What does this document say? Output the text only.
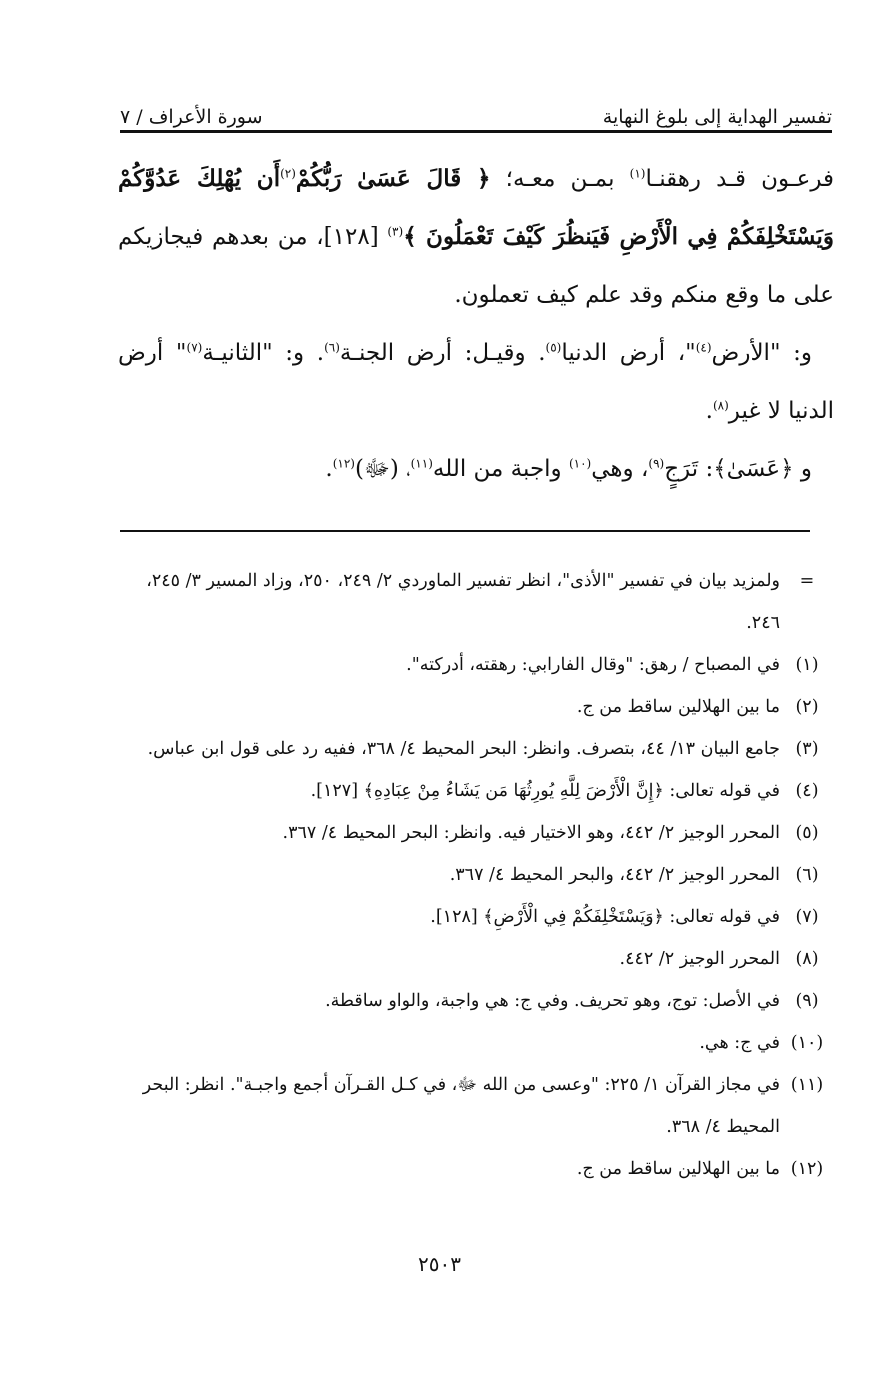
تفسير الهداية إلى بلوغ النهاية
سورة الأعراف / ٧

فرعـون قـد رهقنـا$^{(١)}$ بمـن معـه؛ ﴿ قَالَ عَسَىٰ رَبُّكُمْ$^{(٢)}$أَن يُهْلِكَ عَدُوَّكُمْ وَيَسْتَخْلِفَكُمْ فِي الْأَرْضِ فَيَنظُرَ كَيْفَ تَعْمَلُونَ ﴾$^{(٣)}$ [١٢٨]، من بعدهم فيجازيكم على ما وقع منكم وقد علم كيف تعملون.

و: "الأرض$^{(٤)}$"، أرض الدنيا$^{(٥)}$. وقيـل: أرض الجنـة$^{(٦)}$. و: "الثانيـة$^{(٧)}$" أرض الدنيا لا غير$^{(٨)}$.

و ﴿عَسَىٰ﴾: تَرَجٍ$^{(٩)}$، وهي$^{(١٠)}$ واجبة من الله$^{(١١)}$، (ﷻ)$^{(١٢)}$.

=
ولمزيد بيان في تفسير "الأذى"، انظر تفسير الماوردي ٢/ ٢٤٩، ٢٥٠، وزاد المسير ٣/ ٢٤٥، ٢٤٦.
(١)
في المصباح / رهق: "وقال الفارابي: رهقته، أدركته".
(٢)
ما بين الهلالين ساقط من ج.
(٣)
جامع البيان ١٣/ ٤٤، بتصرف. وانظر: البحر المحيط ٤/ ٣٦٨، ففيه رد على قول ابن عباس.
(٤)
في قوله تعالى: ﴿إِنَّ الْأَرْضَ لِلَّهِ يُورِثُهَا مَن يَشَاءُ مِنْ عِبَادِهِ﴾ [١٢٧].
(٥)
المحرر الوجيز ٢/ ٤٤٢، وهو الاختيار فيه. وانظر: البحر المحيط ٤/ ٣٦٧.
(٦)
المحرر الوجيز ٢/ ٤٤٢، والبحر المحيط ٤/ ٣٦٧.
(٧)
في قوله تعالى: ﴿وَيَسْتَخْلِفَكُمْ فِي الْأَرْضِ﴾ [١٢٨].
(٨)
المحرر الوجيز ٢/ ٤٤٢.
(٩)
في الأصل: توج، وهو تحريف. وفي ج: هي واجبة، والواو ساقطة.
(١٠)
في ج: هي.
(١١)
في مجاز القرآن ١/ ٢٢٥: "وعسى من الله ﷻ، في كـل القـرآن أجمع واجبـة". انظر: البحر المحيط ٤/ ٣٦٨.
(١٢)
ما بين الهلالين ساقط من ج.
٢٥٠٣
